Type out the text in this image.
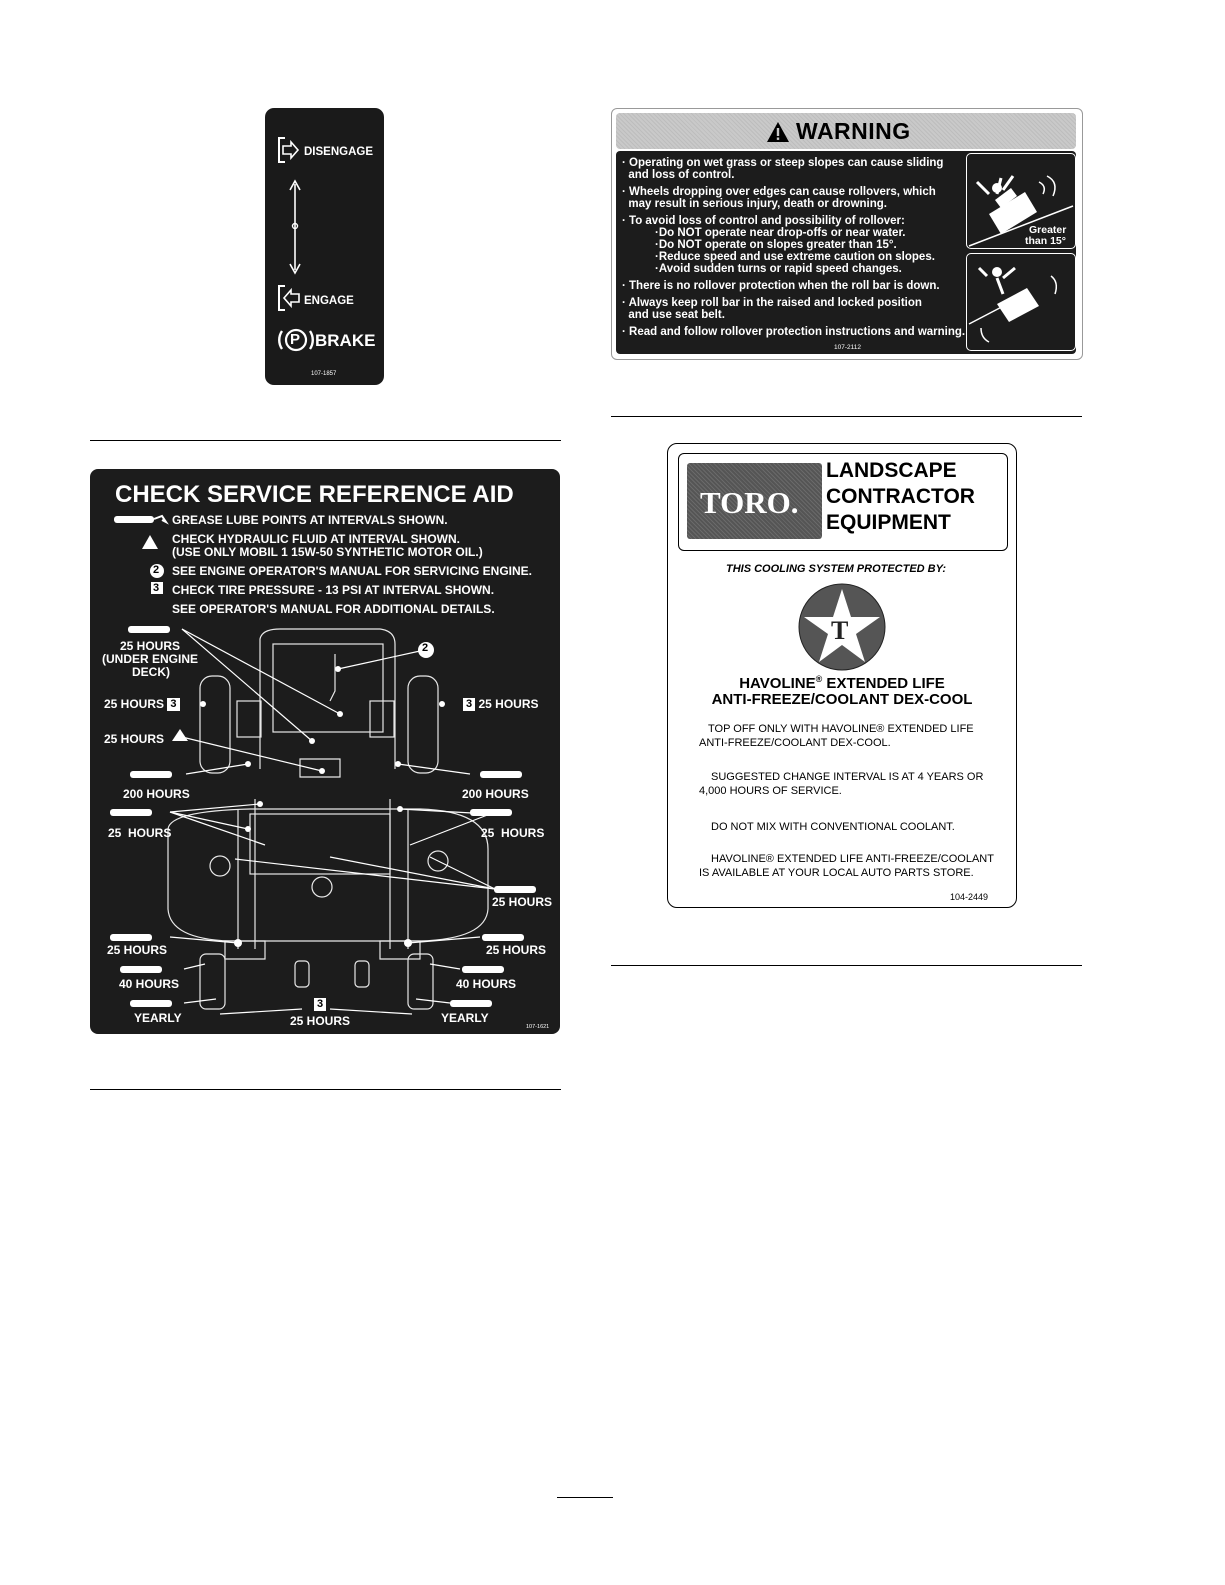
DISENGAGE
ENGAGE
P BRAKE
107-1857
WARNING
· Operating on wet grass or steep slopes can cause sliding
and loss of control.
· Wheels dropping over edges can cause rollovers, which
may result in serious injury, death or drowning.
· To avoid loss of control and possibility of rollover:
·Do NOT operate near drop-offs or near water.
·Do NOT operate on slopes greater than 15°.
·Reduce speed and use extreme caution on slopes.
·Avoid sudden turns or rapid speed changes.
· There is no rollover protection when the roll bar is down.
· Always keep roll bar in the raised and locked position
and use seat belt.
· Read and follow rollover protection instructions and warning.
107-2112
Greater
than 15°
CHECK SERVICE REFERENCE AID
GREASE LUBE POINTS AT INTERVALS SHOWN.
CHECK HYDRAULIC FLUID AT INTERVAL SHOWN.
(USE ONLY MOBIL 1 15W-50 SYNTHETIC MOTOR OIL.)
2 SEE ENGINE OPERATOR'S MANUAL FOR SERVICING ENGINE.
3 CHECK TIRE PRESSURE - 13 PSI AT INTERVAL SHOWN.
SEE OPERATOR'S MANUAL FOR ADDITIONAL DETAILS.
25 HOURS
(UNDER ENGINE
DECK)
2
25 HOURS 3	3 25 HOURS
25 HOURS
200 HOURS	200 HOURS
25  HOURS	25  HOURS
25 HOURS
25 HOURS	25 HOURS
40 HOURS	40 HOURS
YEARLY	YEARLY
3
25 HOURS	107-1621
TORO.
LANDSCAPE
CONTRACTOR
EQUIPMENT
THIS COOLING SYSTEM PROTECTED BY:
T
HAVOLINE® EXTENDED LIFE
ANTI-FREEZE/COOLANT DEX-COOL
TOP OFF ONLY WITH HAVOLINE® EXTENDED LIFE
ANTI-FREEZE/COOLANT DEX-COOL.
SUGGESTED CHANGE INTERVAL IS AT 4 YEARS OR
4,000 HOURS OF SERVICE.
DO NOT MIX WITH CONVENTIONAL COOLANT.
HAVOLINE® EXTENDED LIFE ANTI-FREEZE/COOLANT
IS AVAILABLE AT YOUR LOCAL AUTO PARTS STORE.
104-2449
